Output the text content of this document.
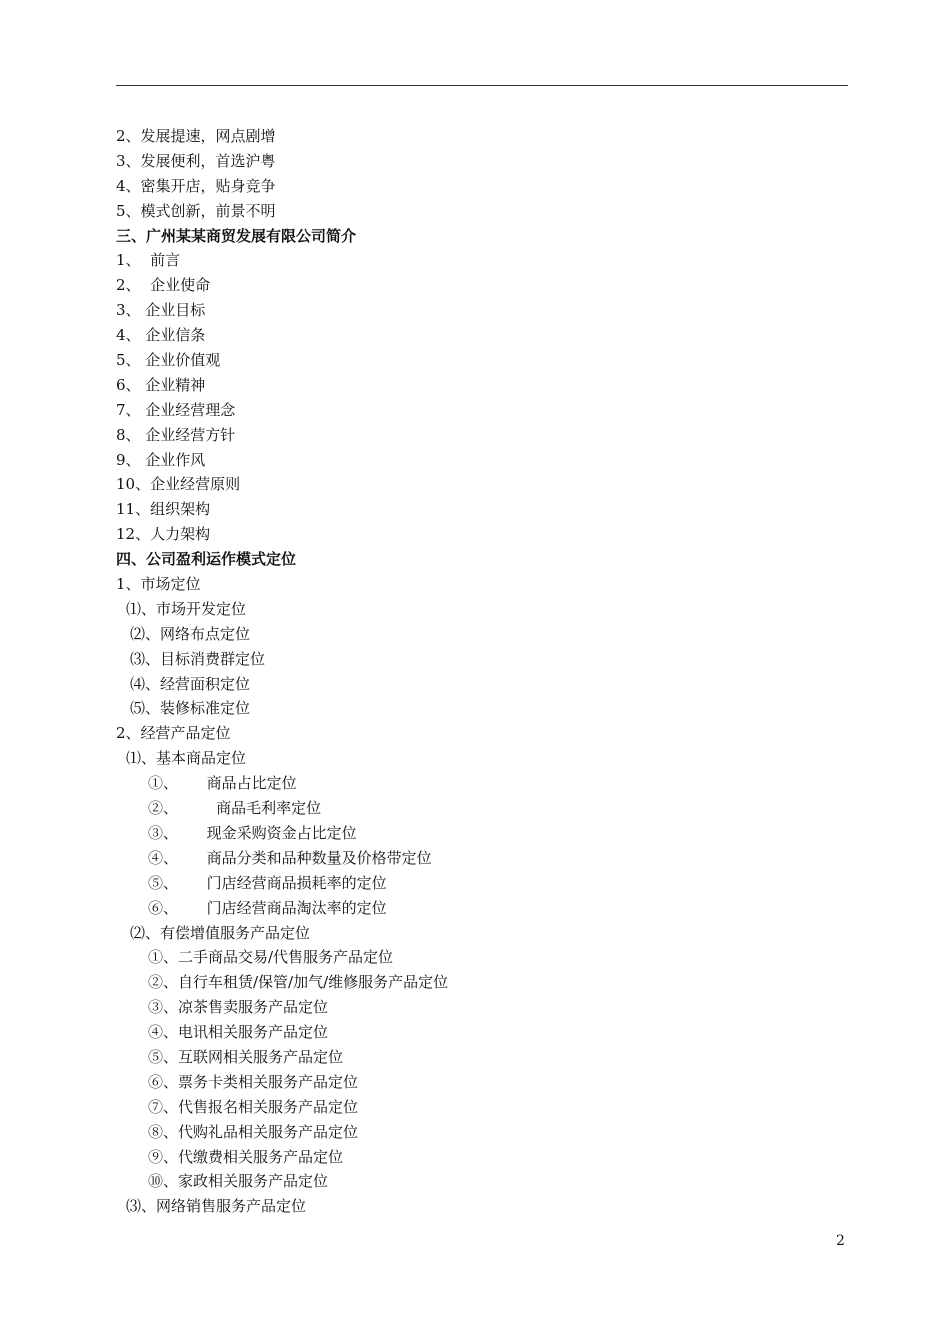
2、发展提速，网点剧增
3、发展便利，首选沪粤
4、密集开店，贴身竞争
5、模式创新，前景不明
三、广州某某商贸发展有限公司简介
1、  前言
2、  企业使命
3、 企业目标
4、 企业信条
5、 企业价值观
6、 企业精神
7、 企业经营理念
8、 企业经营方针
9、 企业作风
10、企业经营原则
11、组织架构
12、人力架构
四、公司盈利运作模式定位
1、市场定位
⑴、市场开发定位
⑵、网络布点定位
⑶、目标消费群定位
⑷、经营面积定位
⑸、装修标准定位
2、经营产品定位
⑴、基本商品定位
①、      商品占比定位
②、        商品毛利率定位
③、      现金采购资金占比定位
④、      商品分类和品种数量及价格带定位
⑤、      门店经营商品损耗率的定位
⑥、      门店经营商品淘汰率的定位
⑵、有偿增值服务产品定位
①、二手商品交易/代售服务产品定位
②、自行车租赁/保管/加气/维修服务产品定位
③、凉茶售卖服务产品定位
④、电讯相关服务产品定位
⑤、互联网相关服务产品定位
⑥、票务卡类相关服务产品定位
⑦、代售报名相关服务产品定位
⑧、代购礼品相关服务产品定位
⑨、代缴费相关服务产品定位
⑩、家政相关服务产品定位
⑶、网络销售服务产品定位
2
